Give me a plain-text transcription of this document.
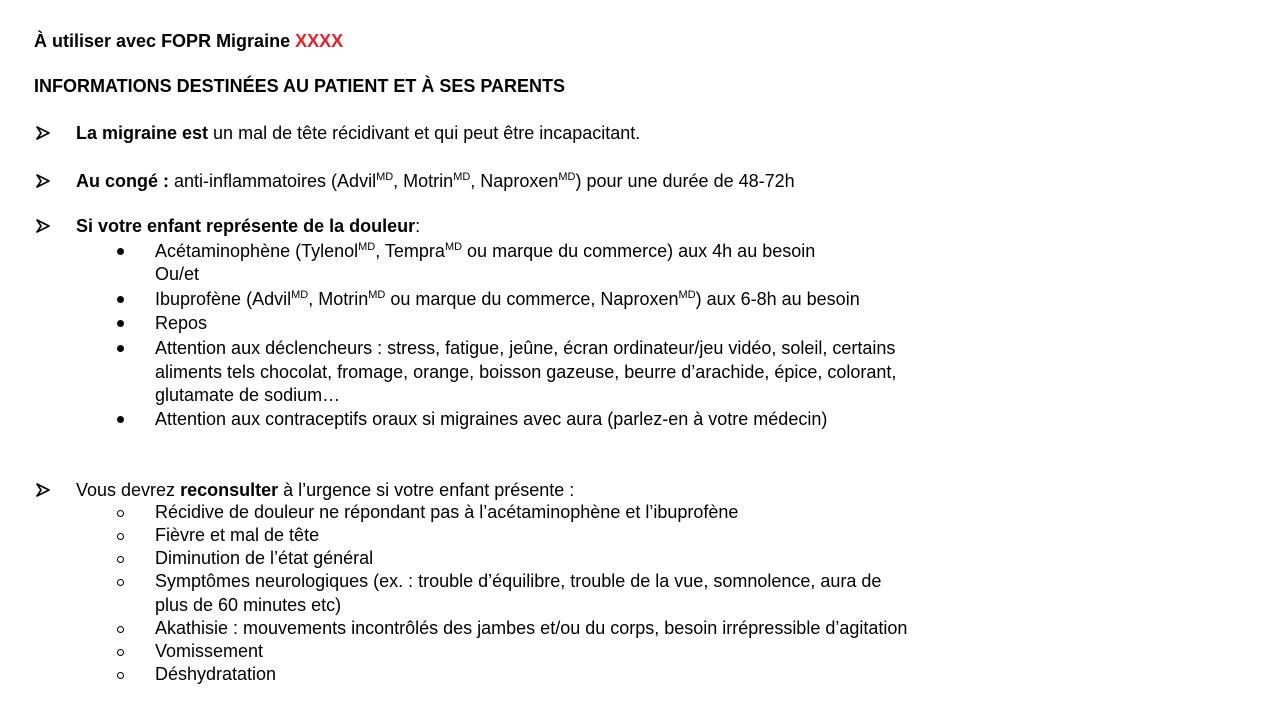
À utiliser avec FOPR Migraine XXXX
INFORMATIONS DESTINÉES AU PATIENT ET À SES PARENTS
La migraine est un mal de tête récidivant et qui peut être incapacitant.
Au congé : anti-inflammatoires (Advil$^{MD}$, Motrin$^{MD}$, Naproxen$^{MD}$) pour une durée de 48-72h
Si votre enfant représente de la douleur:
Acétaminophène (Tylenol$^{MD}$, Tempra$^{MD}$ ou marque du commerce) aux 4h au besoin
Ou/et
Ibuprofène (Advil$^{MD}$, Motrin$^{MD}$ ou marque du commerce, Naproxen$^{MD}$) aux 6-8h au besoin
Repos
Attention aux déclencheurs : stress, fatigue, jeûne, écran ordinateur/jeu vidéo, soleil, certains
aliments tels chocolat, fromage, orange, boisson gazeuse, beurre d’arachide, épice, colorant,
glutamate de sodium…
Attention aux contraceptifs oraux si migraines avec aura (parlez-en à votre médecin)
Vous devrez reconsulter à l’urgence si votre enfant présente :
Récidive de douleur ne répondant pas à l’acétaminophène et l’ibuprofène
Fièvre et mal de tête
Diminution de l’état général
Symptômes neurologiques (ex. : trouble d’équilibre, trouble de la vue, somnolence, aura de
plus de 60 minutes etc)
Akathisie : mouvements incontrôlés des jambes et/ou du corps, besoin irrépressible d’agitation
Vomissement
Déshydratation
